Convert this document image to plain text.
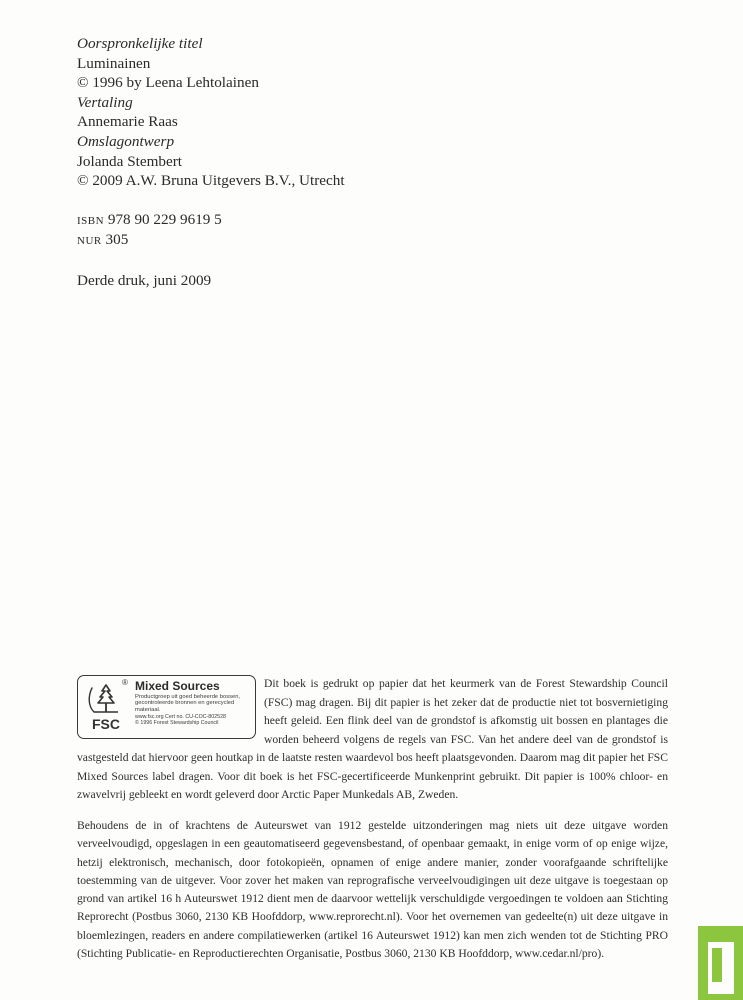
Oorspronkelijke titel
Luminainen
© 1996 by Leena Lehtolainen
Vertaling
Annemarie Raas
Omslagontwerp
Jolanda Stembert
© 2009 A.W. Bruna Uitgevers B.V., Utrecht
isbn 978 90 229 9619 5
nur 305
Derde druk, juni 2009
Dit boek is gedrukt op papier dat het keurmerk van de Forest Stewardship Council (FSC) mag dragen. Bij dit papier is het zeker dat de productie niet tot bosvernietiging heeft geleid. Een flink deel van de grondstof is afkomstig uit bossen en plantages die worden beheerd volgens de regels van FSC. Van het andere deel van de grondstof is vastgesteld dat hiervoor geen houtkap in de laatste resten waardevol bos heeft plaatsgevonden. Daarom mag dit papier het FSC Mixed Sources label dragen. Voor dit boek is het FSC-gecertificeerde Munkenprint gebruikt. Dit papier is 100% chloor- en zwavelvrij gebleekt en wordt geleverd door Arctic Paper Munkedals AB, Zweden.
FSC
® Mixed Sources
Productgroep uit goed beheerde bossen, gecontroleerde bronnen en gerecycled materiaal.
www.fsc.org Cert no. CU-COC-802528
© 1996 Forest Stewardship Council
Behoudens de in of krachtens de Auteurswet van 1912 gestelde uitzonderingen mag niets uit deze uitgave worden verveelvoudigd, opgeslagen in een geautomatiseerd gegevensbestand, of openbaar gemaakt, in enige vorm of op enige wijze, hetzij elektronisch, mechanisch, door fotokopieën, opnamen of enige andere manier, zonder voorafgaande schriftelijke toestemming van de uitgever. Voor zover het maken van reprografische verveelvoudigingen uit deze uitgave is toegestaan op grond van artikel 16 h Auteurswet 1912 dient men de daarvoor wettelijk verschuldigde vergoedingen te voldoen aan Stichting Reprorecht (Postbus 3060, 2130 KB Hoofddorp, www.reprorecht.nl). Voor het overnemen van gedeelte(n) uit deze uitgave in bloemlezingen, readers en andere compilatiewerken (artikel 16 Auteurswet 1912) kan men zich wenden tot de Stichting PRO (Stichting Publicatie- en Reproductierechten Organisatie, Postbus 3060, 2130 KB Hoofddorp, www.cedar.nl/pro).
